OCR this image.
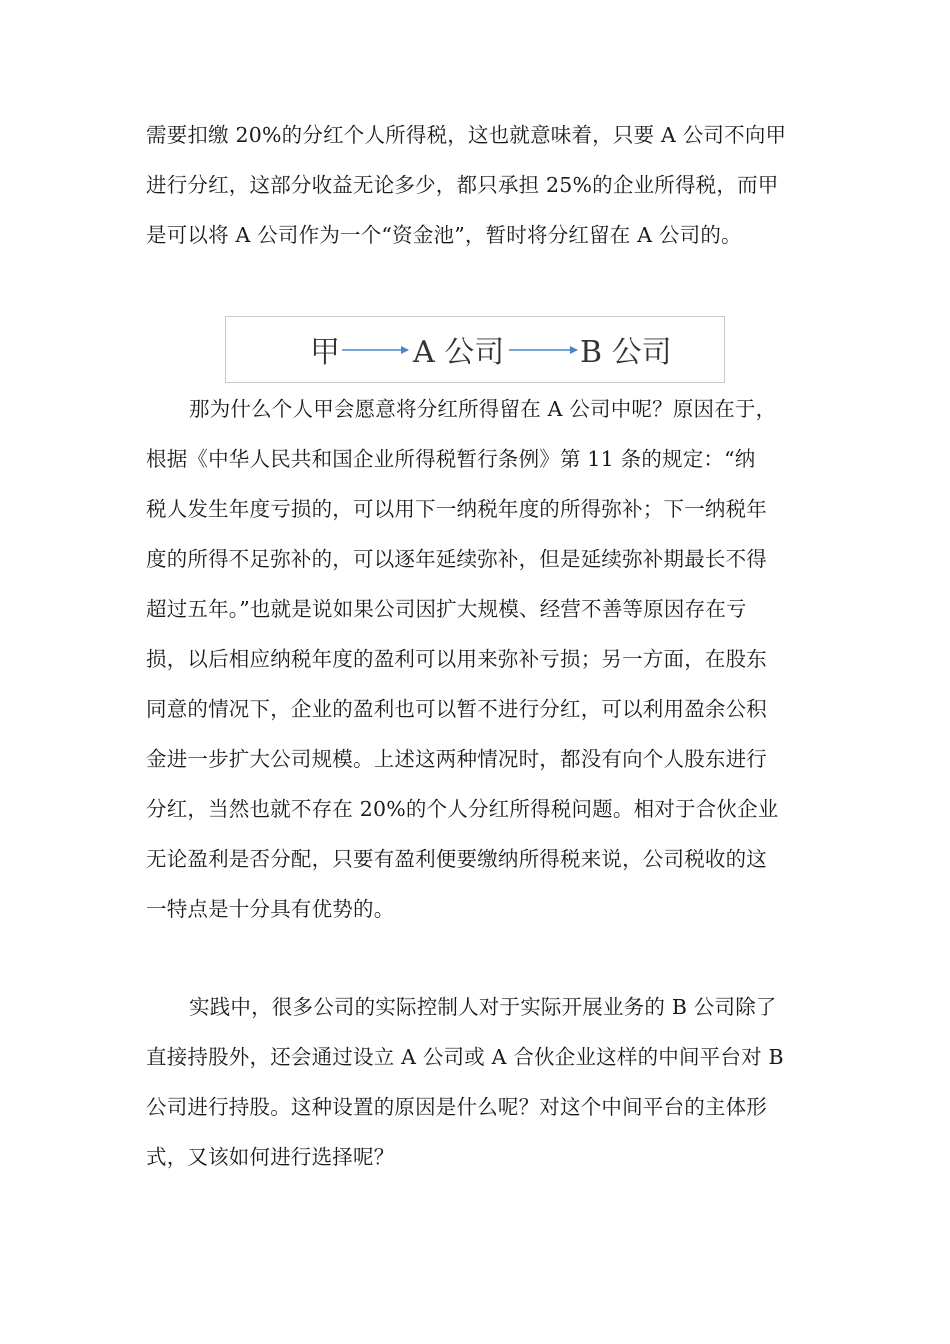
需要扣缴 20%的分红个人所得税，这也就意味着，只要 A 公司不向甲
进行分红，这部分收益无论多少，都只承担 25%的企业所得税，而甲
是可以将 A 公司作为一个“资金池”，暂时将分红留在 A 公司的。
甲 A 公司	B 公司
那为什么个人甲会愿意将分红所得留在 A 公司中呢？原因在于，
根据《中华人民共和国企业所得税暂行条例》第 11 条的规定：“纳
税人发生年度亏损的，可以用下一纳税年度的所得弥补；下一纳税年
度的所得不足弥补的，可以逐年延续弥补，但是延续弥补期最长不得
超过五年。”也就是说如果公司因扩大规模、经营不善等原因存在亏
损，以后相应纳税年度的盈利可以用来弥补亏损；另一方面，在股东
同意的情况下，企业的盈利也可以暂不进行分红，可以利用盈余公积
金进一步扩大公司规模。上述这两种情况时，都没有向个人股东进行
分红，当然也就不存在 20%的个人分红所得税问题。相对于合伙企业
无论盈利是否分配，只要有盈利便要缴纳所得税来说，公司税收的这
一特点是十分具有优势的。
实践中，很多公司的实际控制人对于实际开展业务的 B 公司除了
直接持股外，还会通过设立 A 公司或 A 合伙企业这样的中间平台对 B
公司进行持股。这种设置的原因是什么呢？对这个中间平台的主体形
式，又该如何进行选择呢？
